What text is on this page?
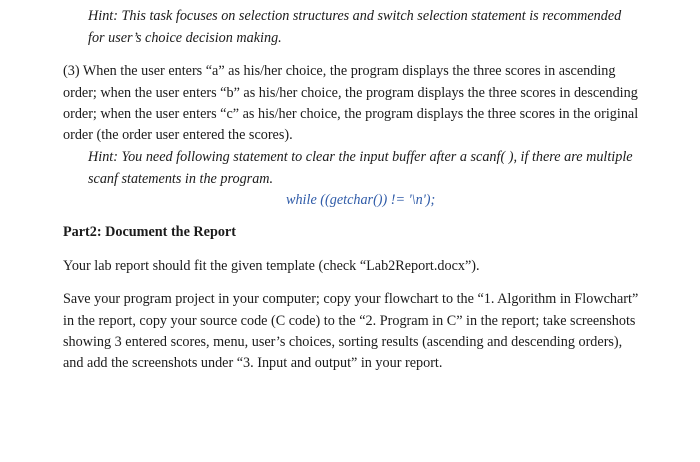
Hint: This task focuses on selection structures and switch selection statement is recommended
for user’s choice decision making.
(3) When the user enters “a” as his/her choice, the program displays the three scores in ascending
order; when the user enters “b” as his/her choice, the program displays the three scores in descending
order; when the user enters “c” as his/her choice, the program displays the three scores in the original
order (the order user entered the scores).
Hint: You need following statement to clear the input buffer after a scanf( ), if there are multiple
scanf statements in the program.
while ((getchar()) != '\n');
Part2: Document the Report
Your lab report should fit the given template (check “Lab2Report.docx”).
Save your program project in your computer; copy your flowchart to the “1. Algorithm in Flowchart”
in the report, copy your source code (C code) to the “2. Program in C” in the report; take screenshots
showing 3 entered scores, menu, user’s choices, sorting results (ascending and descending orders),
and add the screenshots under “3. Input and output” in your report.
